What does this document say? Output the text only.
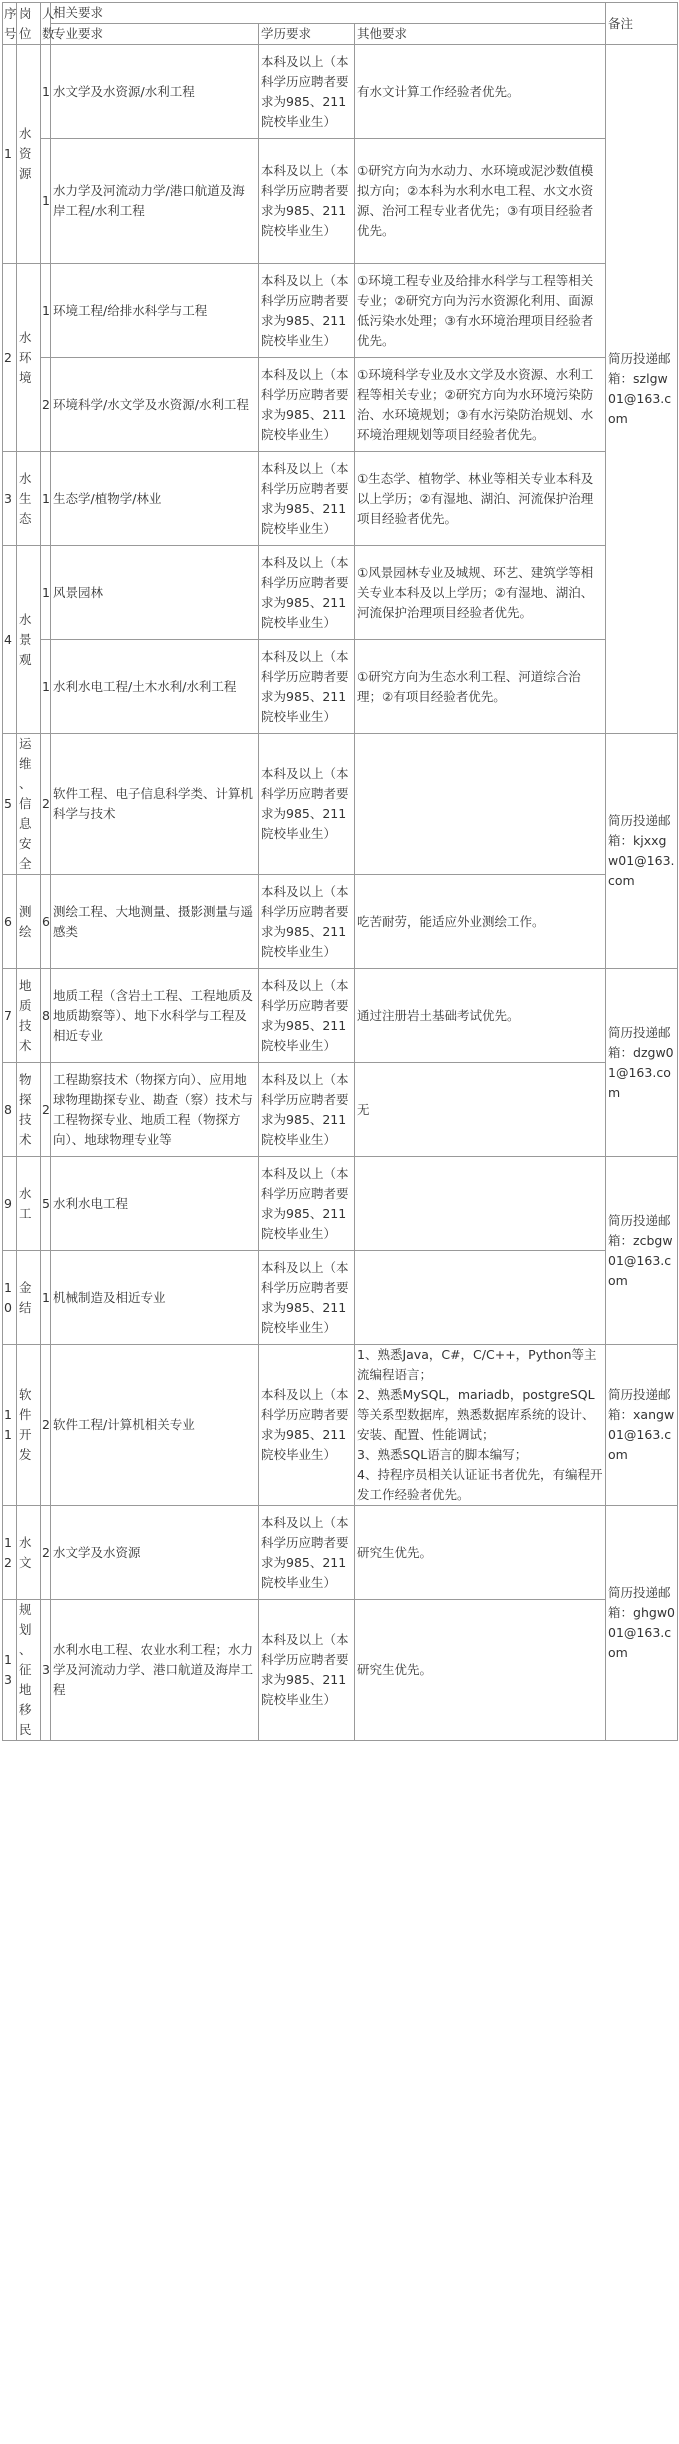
序号	岗位	人数	相关要求			备注
			专业要求	学历要求	其他要求	
1	水资源	1	水文学及水资源/水利工程	本科及以上（本科学历应聘者要求为985、211院校毕业生）	有水文计算工作经验者优先。	简历投递邮箱：szlgw01@163.com
		1	水力学及河流动力学/港口航道及海岸工程/水利工程	本科及以上（本科学历应聘者要求为985、211院校毕业生）	①研究方向为水动力、水环境或泥沙数值模拟方向；②本科为水利水电工程、水文水资源、治河工程专业者优先；③有项目经验者优先。	
2	水环境	1	环境工程/给排水科学与工程	本科及以上（本科学历应聘者要求为985、211院校毕业生）	①环境工程专业及给排水科学与工程等相关专业；②研究方向为污水资源化利用、面源低污染水处理；③有水环境治理项目经验者优先。	
		2	环境科学/水文学及水资源/水利工程	本科及以上（本科学历应聘者要求为985、211院校毕业生）	①环境科学专业及水文学及水资源、水利工程等相关专业；②研究方向为水环境污染防治、水环境规划；③有水污染防治规划、水环境治理规划等项目经验者优先。	
3	水生态	1	生态学/植物学/林业	本科及以上（本科学历应聘者要求为985、211院校毕业生）	①生态学、植物学、林业等相关专业本科及以上学历；②有湿地、湖泊、河流保护治理项目经验者优先。	
4	水景观	1	风景园林	本科及以上（本科学历应聘者要求为985、211院校毕业生）	①风景园林专业及城规、环艺、建筑学等相关专业本科及以上学历；②有湿地、湖泊、河流保护治理项目经验者优先。	
		1	水利水电工程/土木水利/水利工程	本科及以上（本科学历应聘者要求为985、211院校毕业生）	①研究方向为生态水利工程、河道综合治理；②有项目经验者优先。	
5	运维、信息安全	2	软件工程、电子信息科学类、计算机科学与技术	本科及以上（本科学历应聘者要求为985、211院校毕业生）		简历投递邮箱：kjxxgw01@163.com
6	测绘	6	测绘工程、大地测量、摄影测量与遥感类	本科及以上（本科学历应聘者要求为985、211院校毕业生）	吃苦耐劳，能适应外业测绘工作。	
7	地质技术	8	地质工程（含岩土工程、工程地质及地质勘察等）、地下水科学与工程及相近专业	本科及以上（本科学历应聘者要求为985、211院校毕业生）	通过注册岩土基础考试优先。	简历投递邮箱：dzgw01@163.com
8	物探技术	2	工程勘察技术（物探方向）、应用地球物理勘探专业、勘查（察）技术与工程物探专业、地质工程（物探方向）、地球物理专业等	本科及以上（本科学历应聘者要求为985、211院校毕业生）	无	
9	水工	5	水利水电工程	本科及以上（本科学历应聘者要求为985、211院校毕业生）		简历投递邮箱：zcbgw01@163.com
10	金结	1	机械制造及相近专业	本科及以上（本科学历应聘者要求为985、211院校毕业生）		
11	软件开发	2	软件工程/计算机相关专业	本科及以上（本科学历应聘者要求为985、211院校毕业生）	1、熟悉Java，C#，C/C++，Python等主流编程语言；
2、熟悉MySQL，mariadb，postgreSQL等关系型数据库，熟悉数据库系统的设计、安装、配置、性能调试；
3、熟悉SQL语言的脚本编写；
4、持程序员相关认证证书者优先，有编程开发工作经验者优先。	简历投递邮箱：xangw01@163.com
12	水文	2	水文学及水资源	本科及以上（本科学历应聘者要求为985、211院校毕业生）	研究生优先。	简历投递邮箱：ghgw001@163.com
13	规划、征地移民	3	水利水电工程、农业水利工程；水力学及河流动力学、港口航道及海岸工程	本科及以上（本科学历应聘者要求为985、211院校毕业生）	研究生优先。	
